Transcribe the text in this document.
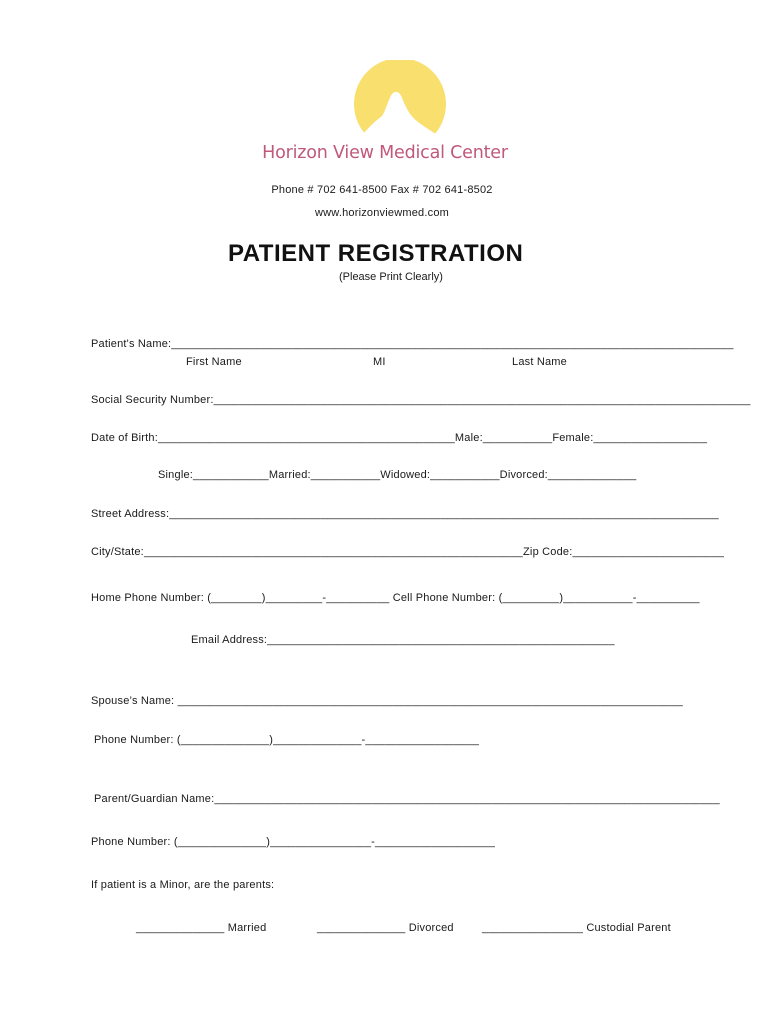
Horizon View Medical Center
Phone # 702 641-8500 Fax # 702 641-8502
www.horizonviewmed.com
PATIENT REGISTRATION
(Please Print Clearly)
Patient's Name:_________________________________________________________________________________________
First Name	MI	Last Name
Social Security Number:_____________________________________________________________________________________
Date of Birth:_______________________________________________Male:___________Female:__________________
Single:____________Married:___________Widowed:___________Divorced:______________
Street Address:_______________________________________________________________________________________
City/State:____________________________________________________________Zip Code:________________________
Home Phone Number: (________)_________-__________ Cell Phone Number: (_________)___________-__________
Email Address:_______________________________________________________
Spouse’s Name: ________________________________________________________________________________
Phone Number: (______________)______________-__________________
Parent/Guardian Name:________________________________________________________________________________
Phone Number: (______________)________________-___________________
If patient is a Minor, are the parents:
______________ Married	______________ Divorced	________________ Custodial Parent
